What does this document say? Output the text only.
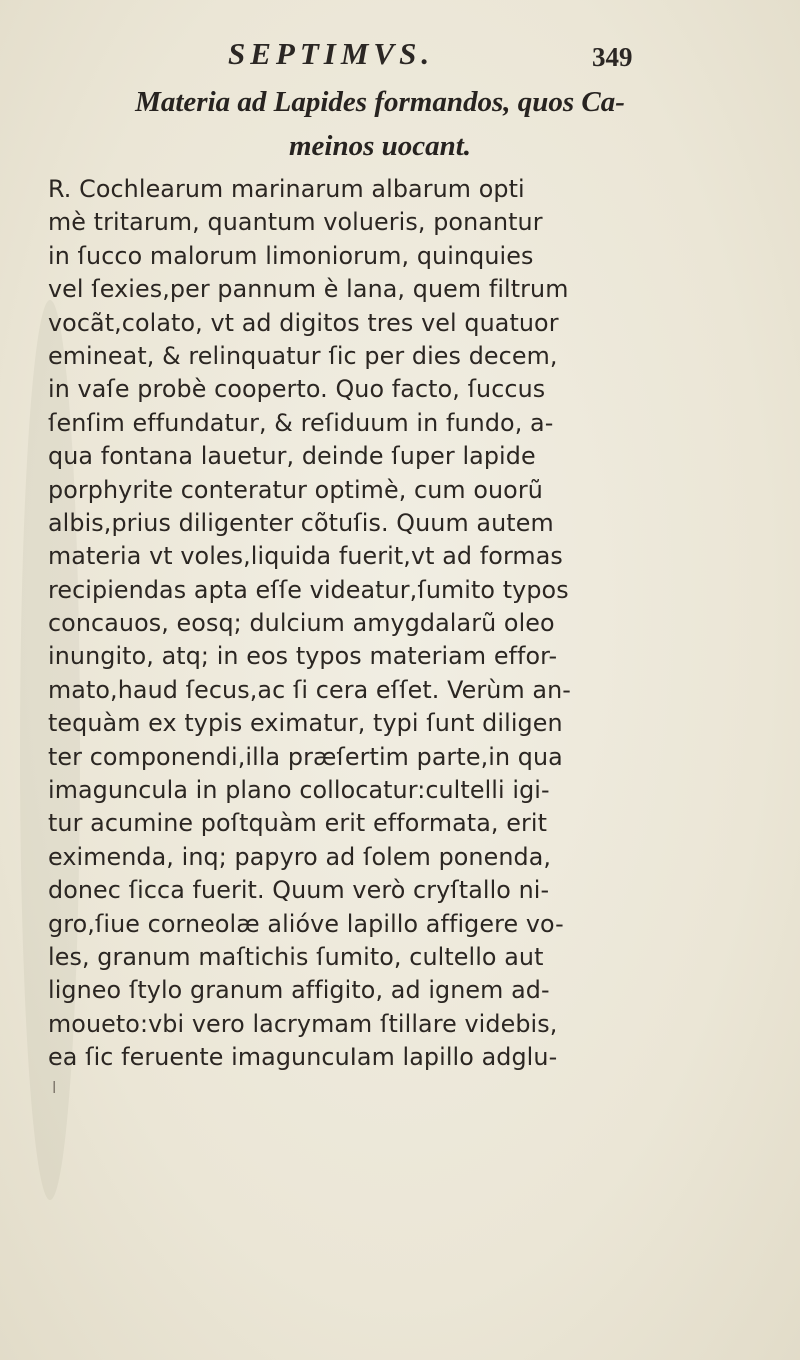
SEPTIMVS.	349
Materia ad Lapides formandos, quos Ca-
meinos uocant.
R. Cochlearum marinarum albarum opti
mè tritarum, quantum volueris, ponantur
in ſucco malorum limoniorum, quinquies
vel ſexies,per pannum è lana, quem filtrum
vocãt,colato, vt ad digitos tres vel quatuor
emineat, & relinquatur ſic per dies decem,
in vaſe probè cooperto. Quo facto, ſuccus
ſenſim effundatur, & reſiduum in fundo, a-
qua fontana lauetur, deinde ſuper lapide
porphyrite conteratur optimè, cum ouorũ
albis,prius diligenter cõtuſis. Quum autem
materia vt voles,liquida fuerit,vt ad formas
recipiendas apta eſſe videatur,ſumito typos
concauos, eosq; dulcium amygdalarũ oleo
inungito, atq; in eos typos materiam effor-
mato,haud ſecus,ac ſi cera eſſet. Verùm an-
tequàm ex typis eximatur, typi ſunt diligen
ter componendi,illa præſertim parte,in qua
imaguncula in plano collocatur:cultelli igi-
tur acumine poſtquàm erit efformata, erit
eximenda, inq; papyro ad ſolem ponenda,
donec ſicca fuerit. Quum verò cryſtallo ni-
gro,ſiue corneolæ alióve lapillo affigere vo-
les, granum maſtichis ſumito, cultello aut
ligneo ſtylo granum affigito, ad ignem ad-
moueto:vbi vero lacrymam ſtillare videbis,
ea ſic feruente imaguncuIam lapillo adglu-
l
